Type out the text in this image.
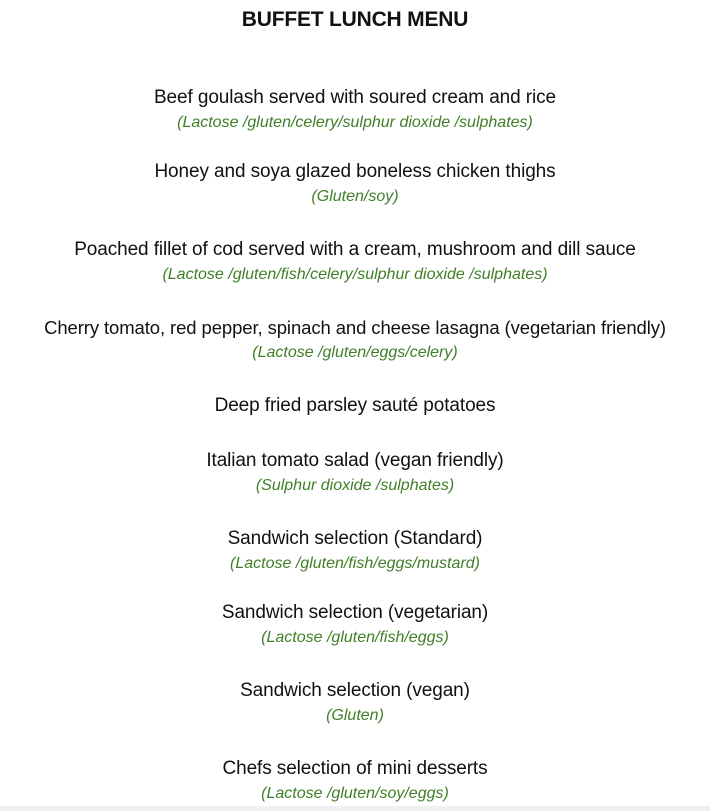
BUFFET LUNCH MENU
Beef goulash served with soured cream and rice
(Lactose /gluten/celery/sulphur dioxide /sulphates)
Honey and soya glazed boneless chicken thighs
(Gluten/soy)
Poached fillet of cod served with a cream, mushroom and dill sauce
(Lactose /gluten/fish/celery/sulphur dioxide /sulphates)
Cherry tomato, red pepper, spinach and cheese lasagna (vegetarian friendly)
(Lactose /gluten/eggs/celery)
Deep fried parsley sauté potatoes
Italian tomato salad (vegan friendly)
(Sulphur dioxide /sulphates)
Sandwich selection (Standard)
(Lactose /gluten/fish/eggs/mustard)
Sandwich selection (vegetarian)
(Lactose /gluten/fish/eggs)
Sandwich selection (vegan)
(Gluten)
Chefs selection of mini desserts
(Lactose /gluten/soy/eggs)
